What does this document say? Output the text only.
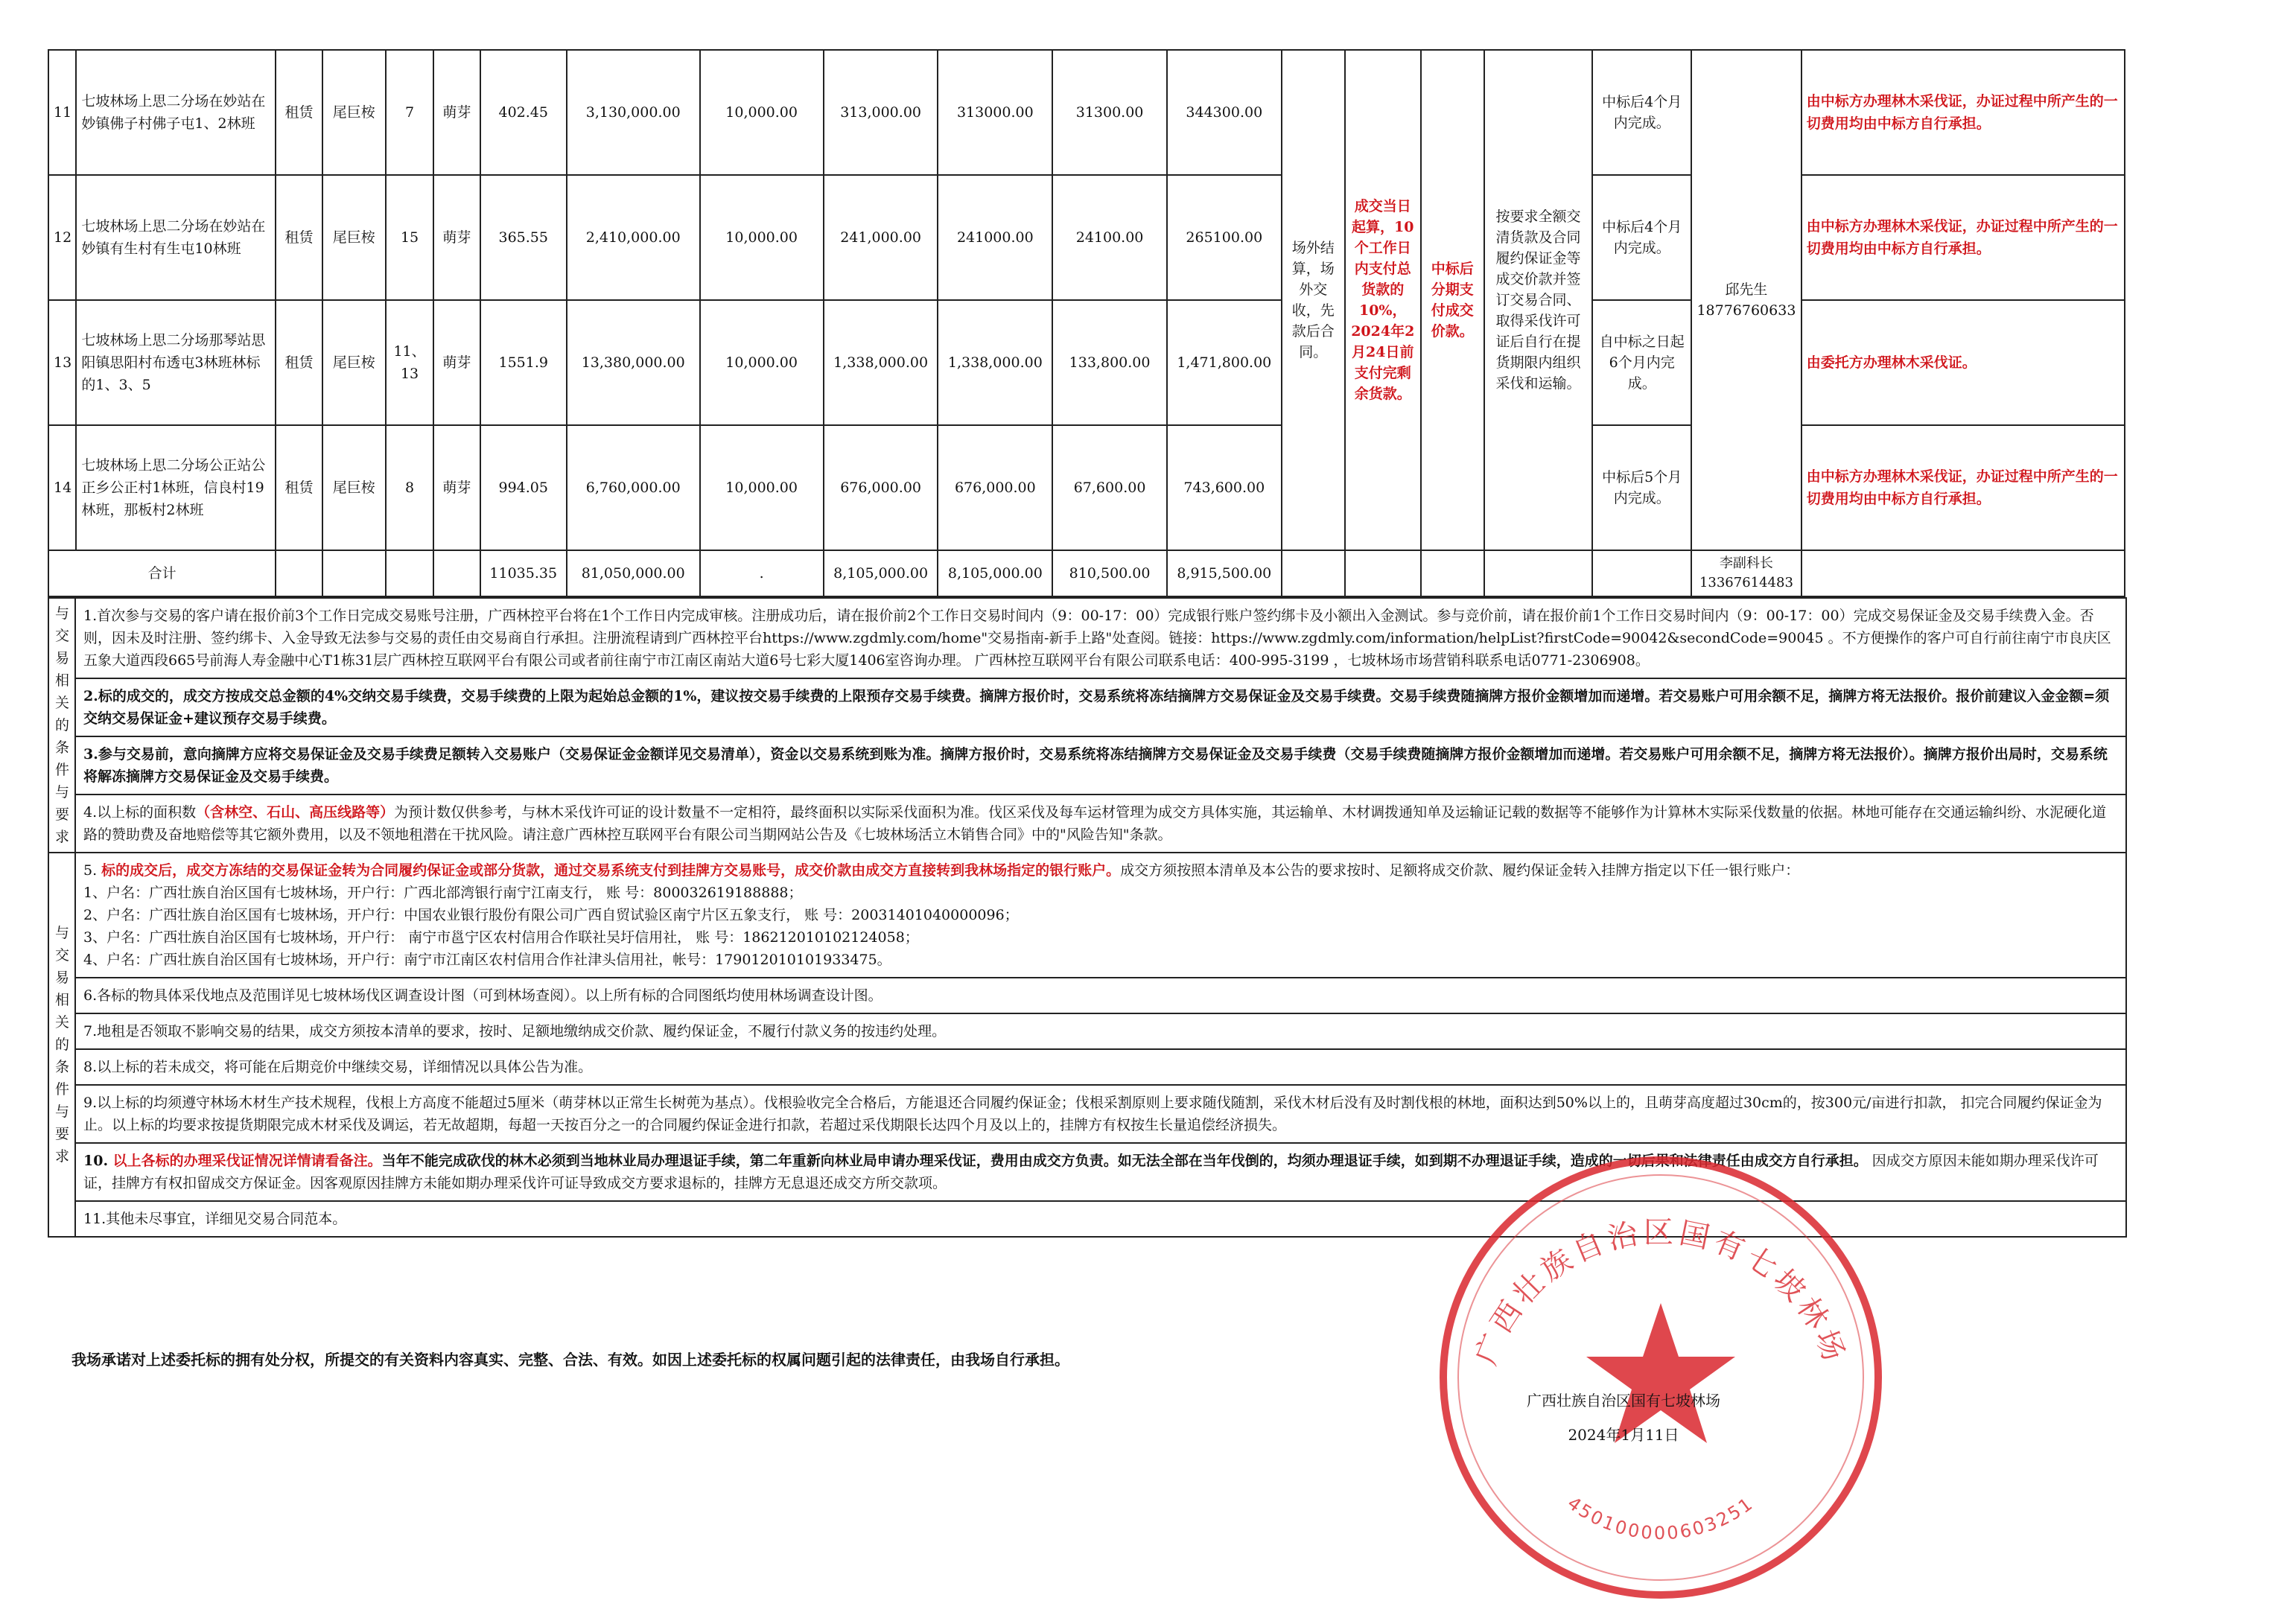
11	七坡林场上思二分场在妙站在妙镇佛子村佛子屯1、2林班	租赁	尾巨桉	7	萌芽	402.45	3,130,000.00	10,000.00	313,000.00	313000.00	31300.00	344300.00	场外结算，场外交收，先款后合同。	成交当日起算，10个工作日内支付总货款的10%，2024年2月24日前支付完剩余货款。	中标后分期支付成交价款。	按要求全额交清货款及合同履约保证金等成交价款并签订交易合同、取得采伐许可证后自行在提货期限内组织采伐和运输。	中标后4个月内完成。	邱先生 18776760633	由中标方办理林木采伐证，办证过程中所产生的一切费用均由中标方自行承担。
12	七坡林场上思二分场在妙站在妙镇有生村有生屯10林班	租赁	尾巨桉	15	萌芽	365.55	2,410,000.00	10,000.00	241,000.00	241000.00	24100.00	265100.00					中标后4个月内完成。		由中标方办理林木采伐证，办证过程中所产生的一切费用均由中标方自行承担。
13	七坡林场上思二分场那琴站思阳镇思阳村布透屯3林班林标的1、3、5	租赁	尾巨桉	11、13	萌芽	1551.9	13,380,000.00	10,000.00	1,338,000.00	1,338,000.00	133,800.00	1,471,800.00					自中标之日起6个月内完成。		由委托方办理林木采伐证。
14	七坡林场上思二分场公正站公正乡公正村1林班，信良村19林班，那板村2林班	租赁	尾巨桉	8	萌芽	994.05	6,760,000.00	10,000.00	676,000.00	676,000.00	67,600.00	743,600.00					中标后5个月内完成。		由中标方办理林木采伐证，办证过程中所产生的一切费用均由中标方自行承担。
合计						11035.35	81,050,000.00	.	8,105,000.00	8,105,000.00	810,500.00	8,915,500.00						李副科长 13367614483	
与交易相关的条件与要求	1.首次参与交易的客户请在报价前3个工作日完成交易账号注册，广西林控平台将在1个工作日内完成审核。注册成功后，请在报价前2个工作日交易时间内（9：00-17：00）完成银行账户签约绑卡及小额出入金测试。参与竞价前，请在报价前1个工作日交易时间内（9：00-17：00）完成交易保证金及交易手续费入金。否则，因未及时注册、签约绑卡、入金导致无法参与交易的责任由交易商自行承担。注册流程请到广西林控平台https://www.zgdmly.com/home"交易指南-新手上路"处查阅。链接：https://www.zgdmly.com/information/helpList?firstCode=90042&secondCode=90045 。不方便操作的客户可自行前往南宁市良庆区五象大道西段665号前海人寿金融中心T1栋31层广西林控互联网平台有限公司或者前往南宁市江南区南站大道6号七彩大厦1406室咨询办理。 广西林控互联网平台有限公司联系电话：400-995-3199 ，七坡林场市场营销科联系电话0771-2306908。
	2.标的成交的，成交方按成交总金额的4%交纳交易手续费，交易手续费的上限为起始总金额的1%，建议按交易手续费的上限预存交易手续费。摘牌方报价时，交易系统将冻结摘牌方交易保证金及交易手续费。交易手续费随摘牌方报价金额增加而递增。若交易账户可用余额不足，摘牌方将无法报价。报价前建议入金金额=须交纳交易保证金+建议预存交易手续费。
	3.参与交易前，意向摘牌方应将交易保证金及交易手续费足额转入交易账户（交易保证金金额详见交易清单），资金以交易系统到账为准。摘牌方报价时，交易系统将冻结摘牌方交易保证金及交易手续费（交易手续费随摘牌方报价金额增加而递增。若交易账户可用余额不足，摘牌方将无法报价）。摘牌方报价出局时，交易系统将解冻摘牌方交易保证金及交易手续费。
	4.以上标的面积数（含林空、石山、高压线路等）为预计数仅供参考，与林木采伐许可证的设计数量不一定相符，最终面积以实际采伐面积为准。伐区采伐及每车运材管理为成交方具体实施，其运输单、木材调拨通知单及运输证记载的数据等不能够作为计算林木实际采伐数量的依据。林地可能存在交通运输纠纷、水泥硬化道路的赞助费及奋地赔偿等其它额外费用，以及不领地租潜在干扰风险。请注意广西林控互联网平台有限公司当期网站公告及《七坡林场活立木销售合同》中的"风险告知"条款。

与交易相关的条件与要求	5. 标的成交后，成交方冻结的交易保证金转为合同履约保证金或部分货款，通过交易系统支付到挂牌方交易账号，成交价款由成交方直接转到我林场指定的银行账户。成交方须按照本清单及本公告的要求按时、足额将成交价款、履约保证金转入挂牌方指定以下任一银行账户：
1、户名：广西壮族自治区国有七坡林场，开户行：广西北部湾银行南宁江南支行， 账 号：800032619188888；
2、户名：广西壮族自治区国有七坡林场，开户行：中国农业银行股份有限公司广西自贸试验区南宁片区五象支行， 账 号：20031401040000096；
3、户名：广西壮族自治区国有七坡林场，开户行： 南宁市邕宁区农村信用合作联社吴圩信用社， 账 号：186212010102124058；
4、户名：广西壮族自治区国有七坡林场，开户行：南宁市江南区农村信用合作社津头信用社，帐号：179012010101933475。
	6.各标的物具体采伐地点及范围详见七坡林场伐区调查设计图（可到林场查阅）。以上所有标的合同图纸均使用林场调查设计图。
	7.地租是否领取不影响交易的结果，成交方须按本清单的要求，按时、足额地缴纳成交价款、履约保证金，不履行付款义务的按违约处理。
	8.以上标的若未成交，将可能在后期竞价中继续交易，详细情况以具体公告为准。
	9.以上标的均须遵守林场木材生产技术规程，伐根上方高度不能超过5厘米（萌芽林以正常生长树蔸为基点）。伐根验收完全合格后，方能退还合同履约保证金；伐根采割原则上要求随伐随割，采伐木材后没有及时割伐根的林地，面积达到50%以上的，且萌芽高度超过30cm的，按300元/亩进行扣款， 扣完合同履约保证金为止。以上标的均要求按提货期限完成木材采伐及调运，若无故超期，每超一天按百分之一的合同履约保证金进行扣款，若超过采伐期限长达四个月及以上的，挂牌方有权按生长量追偿经济损失。
	10. 以上各标的办理采伐证情况详情请看备注。当年不能完成砍伐的林木必须到当地林业局办理退证手续，第二年重新向林业局申请办理采伐证，费用由成交方负责。如无法全部在当年伐倒的，均须办理退证手续，如到期不办理退证手续，造成的一切后果和法律责任由成交方自行承担。 因成交方原因未能如期办理采伐许可证，挂牌方有权扣留成交方保证金。因客观原因挂牌方未能如期办理采伐许可证导致成交方要求退标的，挂牌方无息退还成交方所交款项。
	11.其他未尽事宜，详细见交易合同范本。
我场承诺对上述委托标的拥有处分权，所提交的有关资料内容真实、完整、合法、有效。如因上述委托标的权属问题引起的法律责任，由我场自行承担。	广西壮族自治区国有七坡林场
450100000603251
广西壮族自治区国有七坡林场
2024年1月11日
